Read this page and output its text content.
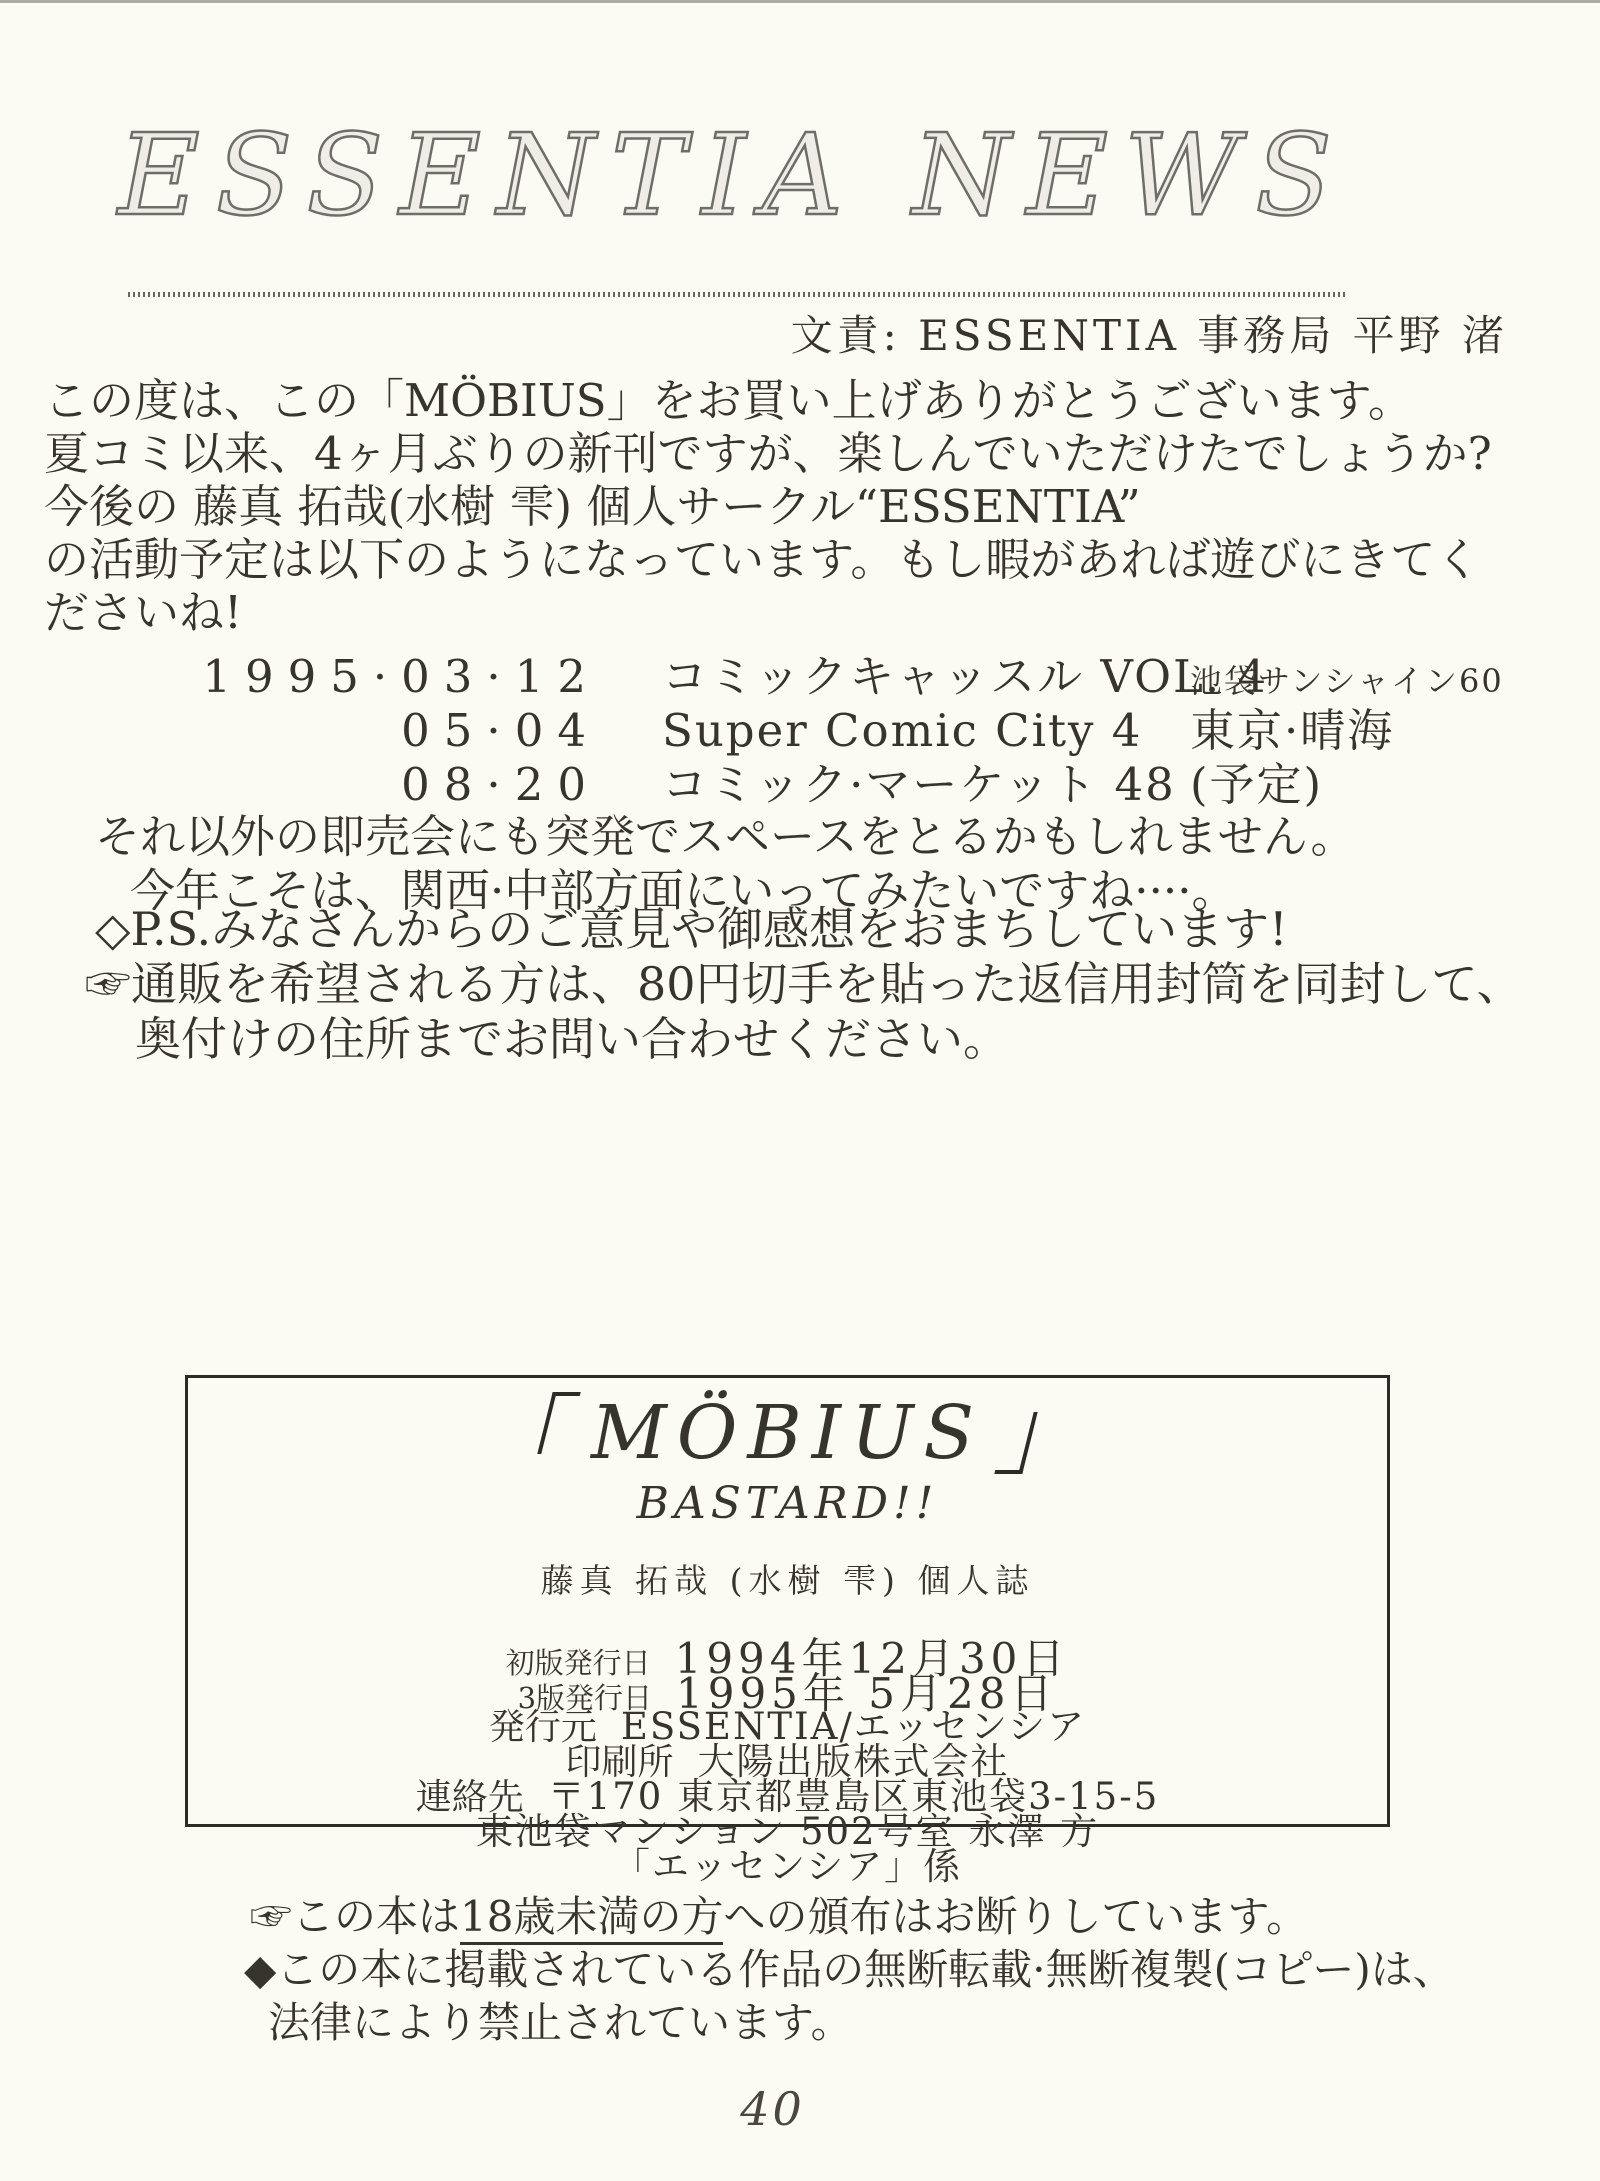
ESSENTIA NEWS
文責: ESSENTIA 事務局 平野 渚
この度は、この「MÖBIUS」をお買い上げありがとうございます。
夏コミ以来、4ヶ月ぶりの新刊ですが、楽しんでいただけたでしょうか?
今後の 藤真 拓哉(水樹 雫) 個人サークル“ESSENTIA”
の活動予定は以下のようになっています。もし暇があれば遊びにきてく
ださいね!
1995·03·12 コミックキャッスル VOL. 4
池袋サンシャイン60
05·04 Super Comic City 4	東京·晴海
08·20 コミック·マーケット 48 (予定)
それ以外の即売会にも突発でスペースをとるかもしれません。
今年こそは、関西·中部方面にいってみたいですね····。
◇P.S.みなさんからのご意見や御感想をおまちしています!
☞通販を希望される方は、80円切手を貼った返信用封筒を同封して、
奥付けの住所までお問い合わせください。
MÖBIUS
BASTARD!!
藤真 拓哉 (水樹 雫) 個人誌
初版発行日 1994年12月30日
3版発行日 1995年 5月28日
発行元 ESSENTIA/エッセンシア
印刷所 大陽出版株式会社
連絡先 〒170 東京都豊島区東池袋3-15-5
東池袋マンション 502号室 永澤 方
「エッセンシア」係
☞この本は18歳未満の方への頒布はお断りしています。
◆この本に掲載されている作品の無断転載·無断複製(コピー)は、
法律により禁止されています。
40
